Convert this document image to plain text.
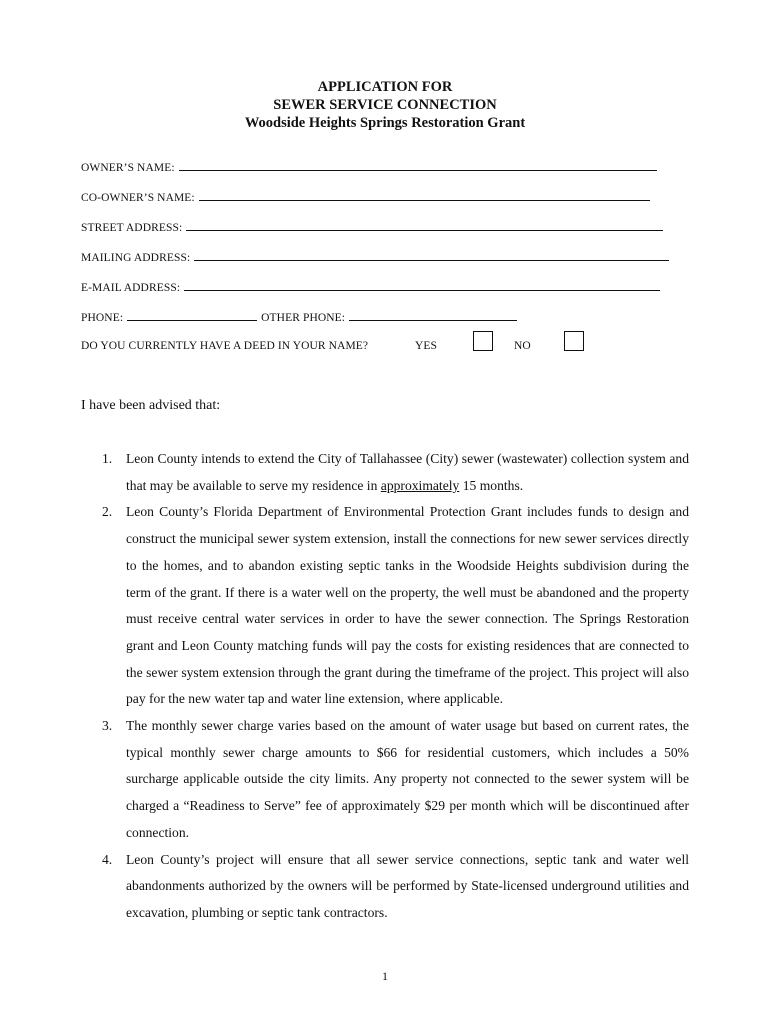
APPLICATION FOR
SEWER SERVICE CONNECTION
Woodside Heights Springs Restoration Grant
OWNER’S NAME:
CO-OWNER’S NAME:
STREET ADDRESS:
MAILING ADDRESS:
E-MAIL ADDRESS:
PHONE:	OTHER PHONE:
DO YOU CURRENTLY HAVE A DEED IN YOUR NAME?	YES	NO
I have been advised that:
1. Leon County intends to extend the City of Tallahassee (City) sewer (wastewater) collection system and that may be available to serve my residence in approximately 15 months.
2. Leon County’s Florida Department of Environmental Protection Grant includes funds to design and construct the municipal sewer system extension, install the connections for new sewer services directly to the homes, and to abandon existing septic tanks in the Woodside Heights subdivision during the term of the grant. If there is a water well on the property, the well must be abandoned and the property must receive central water services in order to have the sewer connection. The Springs Restoration grant and Leon County matching funds will pay the costs for existing residences that are connected to the sewer system extension through the grant during the timeframe of the project. This project will also pay for the new water tap and water line extension, where applicable.
3. The monthly sewer charge varies based on the amount of water usage but based on current rates, the typical monthly sewer charge amounts to $66 for residential customers, which includes a 50% surcharge applicable outside the city limits. Any property not connected to the sewer system will be charged a “Readiness to Serve” fee of approximately $29 per month which will be discontinued after connection.
4. Leon County’s project will ensure that all sewer service connections, septic tank and water well abandonments authorized by the owners will be performed by State-licensed underground utilities and excavation, plumbing or septic tank contractors.
1
